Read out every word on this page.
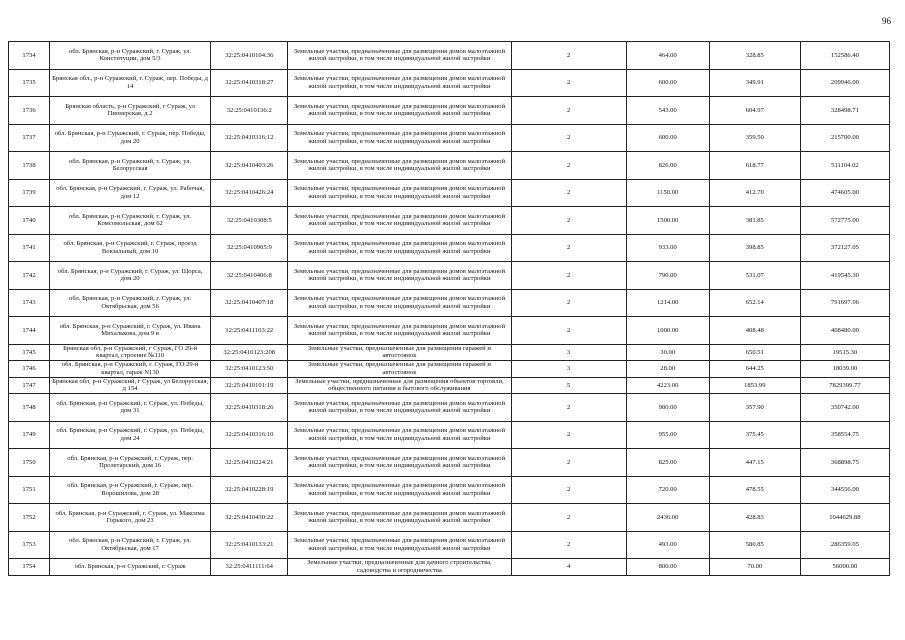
96
1734	обл. Брянская, р-н Суражский, г. Сураж, ул. Конституции, дом 5/3	32:25:0410104:36	Земельные участки, предназначенные для размещения домов малоэтажной жилой застройки, в том числе индивидуальной жилой застройки	2	464.00	328.85	152586.40
1735	Брянская обл., р-н Суражский, г. Сураж, пер. Победы, д 14	32:25:0410318:27	Земельные участки, предназначенные для размещения домов малоэтажной жилой застройки, в том числе индивидуальной жилой застройки	2	600.00	349.91	209946.00
1736	Брянская область, р-н Суражский, г Сураж, ул Пионерская, д 2	32:25:0410136:2	Земельные участки, предназначенные для размещения домов малоэтажной жилой застройки, в том числе индивидуальной жилой застройки	2	543.00	604.97	328498.71
1737	обл. Брянская, р-н Суражский, г. Сураж, пер. Победы, дом 20	32:25:0410316:12	Земельные участки, предназначенные для размещения домов малоэтажной жилой застройки, в том числе индивидуальной жилой застройки	2	600.00	359.50	215700.00
1738	обл. Брянская, р-н Суражский, г. Сураж, ул. Белорусская	32:25:0410403:26	Земельные участки, предназначенные для размещения домов малоэтажной жилой застройки, в том числе индивидуальной жилой застройки	2	826.00	618.77	511104.02
1739	обл. Брянская, р-н Суражский, г. Сураж, ул. Рабочая, дом 12	32:25:0410426:24	Земельные участки, предназначенные для размещения домов малоэтажной жилой застройки, в том числе индивидуальной жилой застройки	2	1150.00	412.70	474605.00
1740	обл. Брянская, р-н Суражский, г. Сураж, ул. Комсомольская, дом 62	32:25:0410308:5	Земельные участки, предназначенные для размещения домов малоэтажной жилой застройки, в том числе индивидуальной жилой застройки	2	1500.00	381.85	572775.00
1741	обл. Брянская, р-н Суражский, г. Сураж, проезд Вокзальный, дом 10	32:25:0410905:9	Земельные участки, предназначенные для размещения домов малоэтажной жилой застройки, в том числе индивидуальной жилой застройки	2	933.00	398.85	372127.05
1742	обл. Брянская, р-н Суражский, г. Сураж, ул. Щорса, дом 20	32:25:0410406:8	Земельные участки, предназначенные для размещения домов малоэтажной жилой застройки, в том числе индивидуальной жилой застройки	2	790.00	531.07	419545.30
1743	обл. Брянская, р-н Суражский, г. Сураж, ул. Октябрьская, дом 56	32:25:0410407:18	Земельные участки, предназначенные для размещения домов малоэтажной жилой застройки, в том числе индивидуальной жилой застройки	2	1214.00	652.14	791697.96
1744	обл. Брянская, р-н Суражский, г. Сураж, ул. Ивана Михалькова, дом 9 в	32:25:0411103:22	Земельные участки, предназначенные для размещения домов малоэтажной жилой застройки, в том числе индивидуальной жилой застройки	2	1000.00	408.48	408480.00
1745	Брянская обл, р-н Суражский, г Сураж, ГО 29-й квартал, строение №110	32:25:0410123:208	Земельные участки, предназначенные для размещения гаражей и автостоянок	3	30.00	650.51	19515.30
1746	обл. Брянская, р-н Суражский, г. Сураж, ГО 29-й квартал, гараж N130	32:25:0410123:50	Земельные участки, предназначенные для размещения гаражей и автостоянок	3	28.00	644.25	18039.00
1747	Брянская обл, р-н Суражский, г Сураж, ул Белорусская, д 154	32:25:0410101:19	Земельные участки, предназначенные для размещения объектов торговли, общественного питания и бытового обслуживания	5	4223.00	1853.99	7829399.77
1748	обл. Брянская, р-н Суражский, г. Сураж, ул. Победы, дом 31	32:25:0410318:26	Земельные участки, предназначенные для размещения домов малоэтажной жилой застройки, в том числе индивидуальной жилой застройки	2	980.00	357.90	350742.00
1749	обл. Брянская, р-н Суражский, г. Сураж, ул. Победы, дом 24	32:25:0410316:10	Земельные участки, предназначенные для размещения домов малоэтажной жилой застройки, в том числе индивидуальной жилой застройки	2	955.00	375.45	358554.75
1750	обл. Брянская, р-н Суражский, г. Сураж, пер. Пролетарский, дом 16	32:25:0410224:21	Земельные участки, предназначенные для размещения домов малоэтажной жилой застройки, в том числе индивидуальной жилой застройки	2	825.00	447.15	368898.75
1751	обл. Брянская, р-н Суражский, г. Сураж, пер. Ворошилова, дом 28	32:25:0410228:19	Земельные участки, предназначенные для размещения домов малоэтажной жилой застройки, в том числе индивидуальной жилой застройки	2	720.00	478.55	344556.00
1752	обл. Брянская, р-н Суражский, г. Сураж, ул. Максима Горького, дом 23	32:25:0410430:22	Земельные участки, предназначенные для размещения домов малоэтажной жилой застройки, в том числе индивидуальной жилой застройки	2	2436.00	428.83	1044629.88
1753	обл. Брянская, р-н Суражский, г. Сураж, ул. Октябрьская, дом 17	32:25:0410133:21	Земельные участки, предназначенные для размещения домов малоэтажной жилой застройки, в том числе индивидуальной жилой застройки	2	493.00	580.85	286359.05
1754	обл. Брянская, р-н Суражский, г. Сураж	32:25:0411111:64	Земельные участки, предназначенные для дачного строительства, садоводства и огородничества	4	800.00	70.00	56000.00
